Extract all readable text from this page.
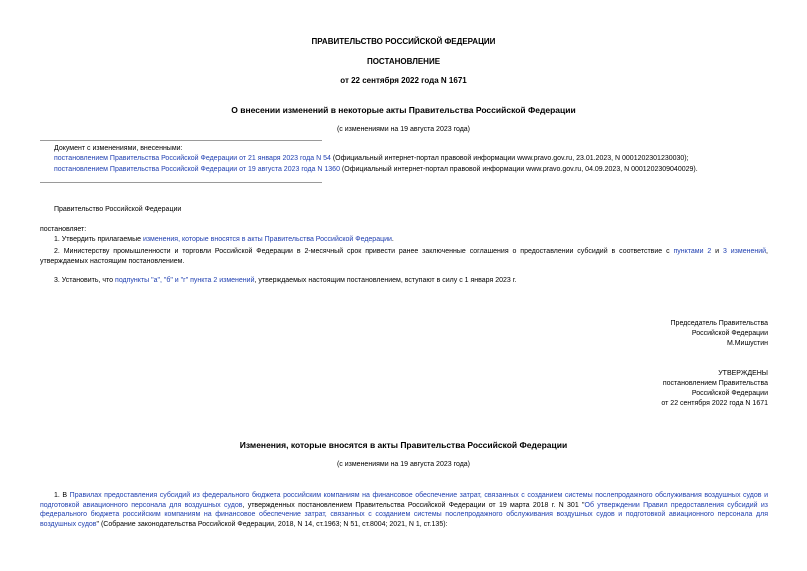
ПРАВИТЕЛЬСТВО РОССИЙСКОЙ ФЕДЕРАЦИИ
ПОСТАНОВЛЕНИЕ
от 22 сентября 2022 года N 1671
О внесении изменений в некоторые акты Правительства Российской Федерации
(с изменениями на 19 августа 2023 года)
Документ с изменениями, внесенными:
постановлением Правительства Российской Федерации от 21 января 2023 года N 54 (Официальный интернет-портал правовой информации www.pravo.gov.ru, 23.01.2023, N 0001202301230030);
постановлением Правительства Российской Федерации от 19 августа 2023 года N 1360 (Официальный интернет-портал правовой информации www.pravo.gov.ru, 04.09.2023, N 0001202309040029).
Правительство Российской Федерации
постановляет:
1. Утвердить прилагаемые изменения, которые вносятся в акты Правительства Российской Федерации.
2. Министерству промышленности и торговли Российской Федерации в 2-месячный срок привести ранее заключенные соглашения о предоставлении субсидий в соответствие с пунктами 2 и 3 изменений, утверждаемых настоящим постановлением.
3. Установить, что подпункты "а", "б" и "г" пункта 2 изменений, утверждаемых настоящим постановлением, вступают в силу с 1 января 2023 г.
Председатель Правительства
Российской Федерации
М.Мишустин
УТВЕРЖДЕНЫ
постановлением Правительства
Российской Федерации
от 22 сентября 2022 года N 1671
Изменения, которые вносятся в акты Правительства Российской Федерации
(с изменениями на 19 августа 2023 года)
1. В Правилах предоставления субсидий из федерального бюджета российским компаниям на финансовое обеспечение затрат, связанных с созданием системы послепродажного обслуживания воздушных судов и подготовкой авиационного персонала для воздушных судов, утвержденных постановлением Правительства Российской Федерации от 19 марта 2018 г. N 301 "Об утверждении Правил предоставления субсидий из федерального бюджета российским компаниям на финансовое обеспечение затрат, связанных с созданием системы послепродажного обслуживания воздушных судов и подготовкой авиационного персонала для воздушных судов" (Собрание законодательства Российской Федерации, 2018, N 14, ст.1963; N 51, ст.8004; 2021, N 1, ст.135):
